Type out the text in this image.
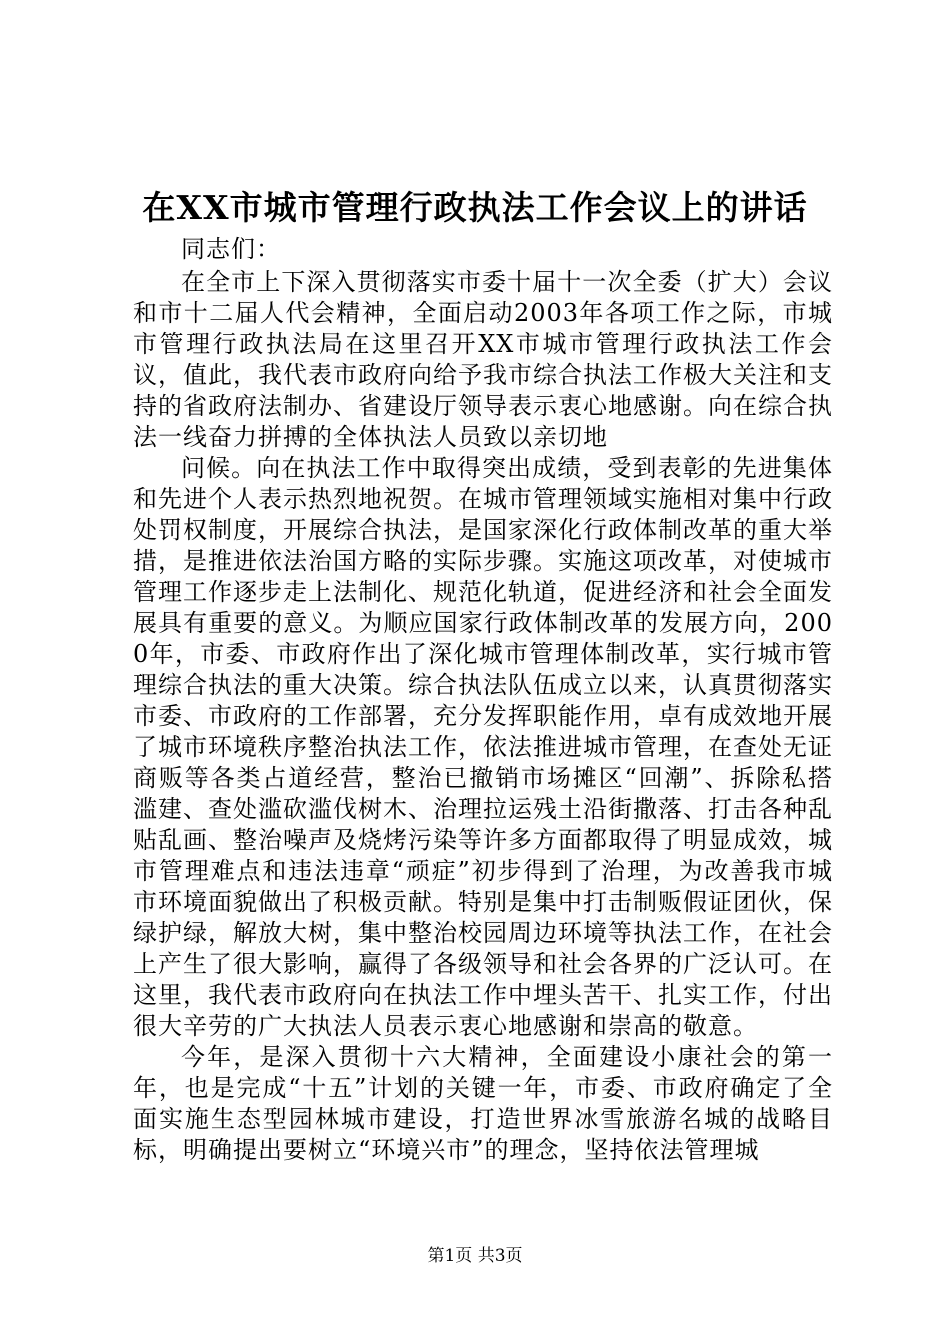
在XX市城市管理行政执法工作会议上的讲话

同志们：

在全市上下深入贯彻落实市委十届十一次全委（扩大）会议和市十二届人代会精神，全面启动2003年各项工作之际，市城市管理行政执法局在这里召开XX市城市管理行政执法工作会议，值此，我代表市政府向给予我市综合执法工作极大关注和支持的省政府法制办、省建设厅领导表示衷心地感谢。向在综合执法一线奋力拼搏的全体执法人员致以亲切地

问候。向在执法工作中取得突出成绩，受到表彰的先进集体和先进个人表示热烈地祝贺。在城市管理领域实施相对集中行政处罚权制度，开展综合执法，是国家深化行政体制改革的重大举措，是推进依法治国方略的实际步骤。实施这项改革，对使城市管理工作逐步走上法制化、规范化轨道，促进经济和社会全面发展具有重要的意义。为顺应国家行政体制改革的发展方向，2000年，市委、市政府作出了深化城市管理体制改革，实行城市管理综合执法的重大决策。综合执法队伍成立以来，认真贯彻落实市委、市政府的工作部署，充分发挥职能作用，卓有成效地开展了城市环境秩序整治执法工作，依法推进城市管理，在查处无证商贩等各类占道经营，整治已撤销市场摊区“回潮”、拆除私搭滥建、查处滥砍滥伐树木、治理拉运残土沿街撒落、打击各种乱贴乱画、整治噪声及烧烤污染等许多方面都取得了明显成效，城市管理难点和违法违章“顽症”初步得到了治理，为改善我市城市环境面貌做出了积极贡献。特别是集中打击制贩假证团伙，保绿护绿，解放大树，集中整治校园周边环境等执法工作，在社会上产生了很大影响，赢得了各级领导和社会各界的广泛认可。在这里，我代表市政府向在执法工作中埋头苦干、扎实工作，付出很大辛劳的广大执法人员表示衷心地感谢和崇高的敬意。

今年，是深入贯彻十六大精神，全面建设小康社会的第一年，也是完成“十五”计划的关键一年，市委、市政府确定了全面实施生态型园林城市建设，打造世界冰雪旅游名城的战略目标，明确提出要树立“环境兴市”的理念，坚持依法管理城

第1页 共3页
